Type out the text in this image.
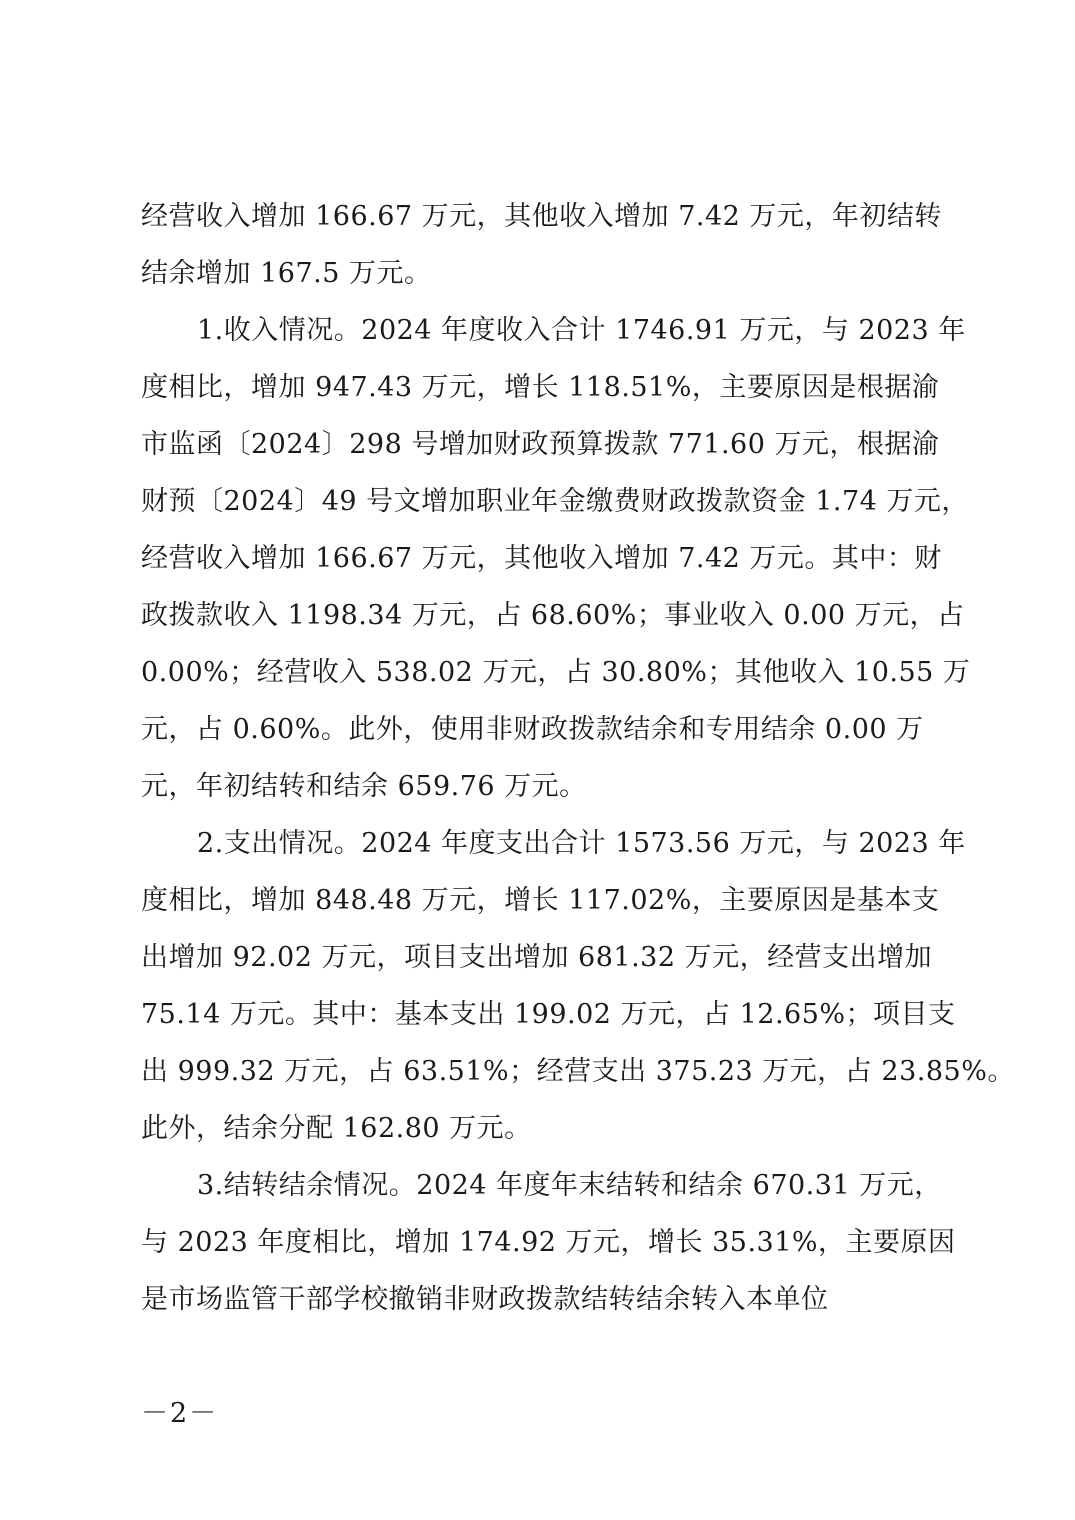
经营收入增加 166.67 万元，其他收入增加 7.42 万元，年初结转
结余增加 167.5 万元。
1.收入情况。2024 年度收入合计 1746.91 万元，与 2023 年
度相比，增加 947.43 万元，增长 118.51%，主要原因是根据渝
市监函〔2024〕298 号增加财政预算拨款 771.60 万元，根据渝
财预〔2024〕49 号文增加职业年金缴费财政拨款资金 1.74 万元，
经营收入增加 166.67 万元，其他收入增加 7.42 万元。其中：财
政拨款收入 1198.34 万元，占 68.60%；事业收入 0.00 万元，占
0.00%；经营收入 538.02 万元，占 30.80%；其他收入 10.55 万
元，占 0.60%。此外，使用非财政拨款结余和专用结余 0.00 万
元，年初结转和结余 659.76 万元。
2.支出情况。2024 年度支出合计 1573.56 万元，与 2023 年
度相比，增加 848.48 万元，增长 117.02%，主要原因是基本支
出增加 92.02 万元，项目支出增加 681.32 万元，经营支出增加
75.14 万元。其中：基本支出 199.02 万元，占 12.65%；项目支
出 999.32 万元，占 63.51%；经营支出 375.23 万元，占 23.85%。
此外，结余分配 162.80 万元。
3.结转结余情况。2024 年度年末结转和结余 670.31 万元，
与 2023 年度相比，增加 174.92 万元，增长 35.31%，主要原因
是市场监管干部学校撤销非财政拨款结转结余转入本单位
－2－
